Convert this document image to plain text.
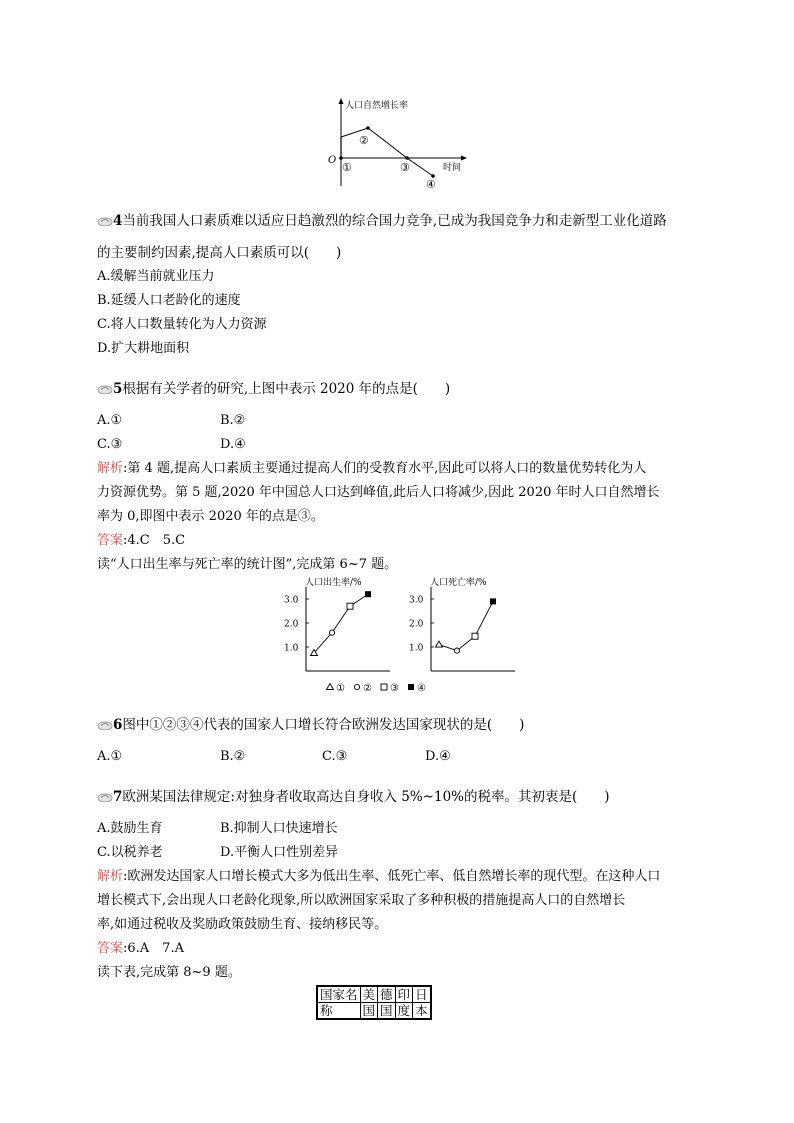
人口自然增长率
O
时间
①
②
③
④
4当前我国人口素质难以适应日趋激烈的综合国力竞争,已成为我国竞争力和走新型工业化道路
的主要制约因素,提高人口素质可以(　　)
A.缓解当前就业压力
B.延缓人口老龄化的速度
C.将人口数量转化为人力资源
D.扩大耕地面积
5根据有关学者的研究,上图中表示 2020 年的点是(　　)
A.①	B.②
C.③	D.④
解析:第 4 题,提高人口素质主要通过提高人们的受教育水平,因此可以将人口的数量优势转化为人
力资源优势。第 5 题,2020 年中国总人口达到峰值,此后人口将减少,因此 2020 年时人口自然增长
率为 0,即图中表示 2020 年的点是③。
答案:4.C　5.C
读“人口出生率与死亡率的统计图”,完成第 6~7 题。
人口出生率/%
1.0
2.0
3.0
人口死亡率/%
1.0
2.0
3.0
① ② ③ ④
6图中①②③④代表的国家人口增长符合欧洲发达国家现状的是(　　)
A.①	B.②	C.③	D.④
7欧洲某国法律规定:对独身者收取高达自身收入 5%~10%的税率。其初衷是(　　)
A.鼓励生育	B.抑制人口快速增长
C.以税养老	D.平衡人口性别差异
解析:欧洲发达国家人口增长模式大多为低出生率、低死亡率、低自然增长率的现代型。在这种人口
增长模式下,会出现人口老龄化现象,所以欧洲国家采取了多种积极的措施提高人口的自然增长
率,如通过税收及奖励政策鼓励生育、接纳移民等。
答案:6.A　7.A
读下表,完成第 8~9 题。
国家名	美	德	印	日
称	国	国	度	本
